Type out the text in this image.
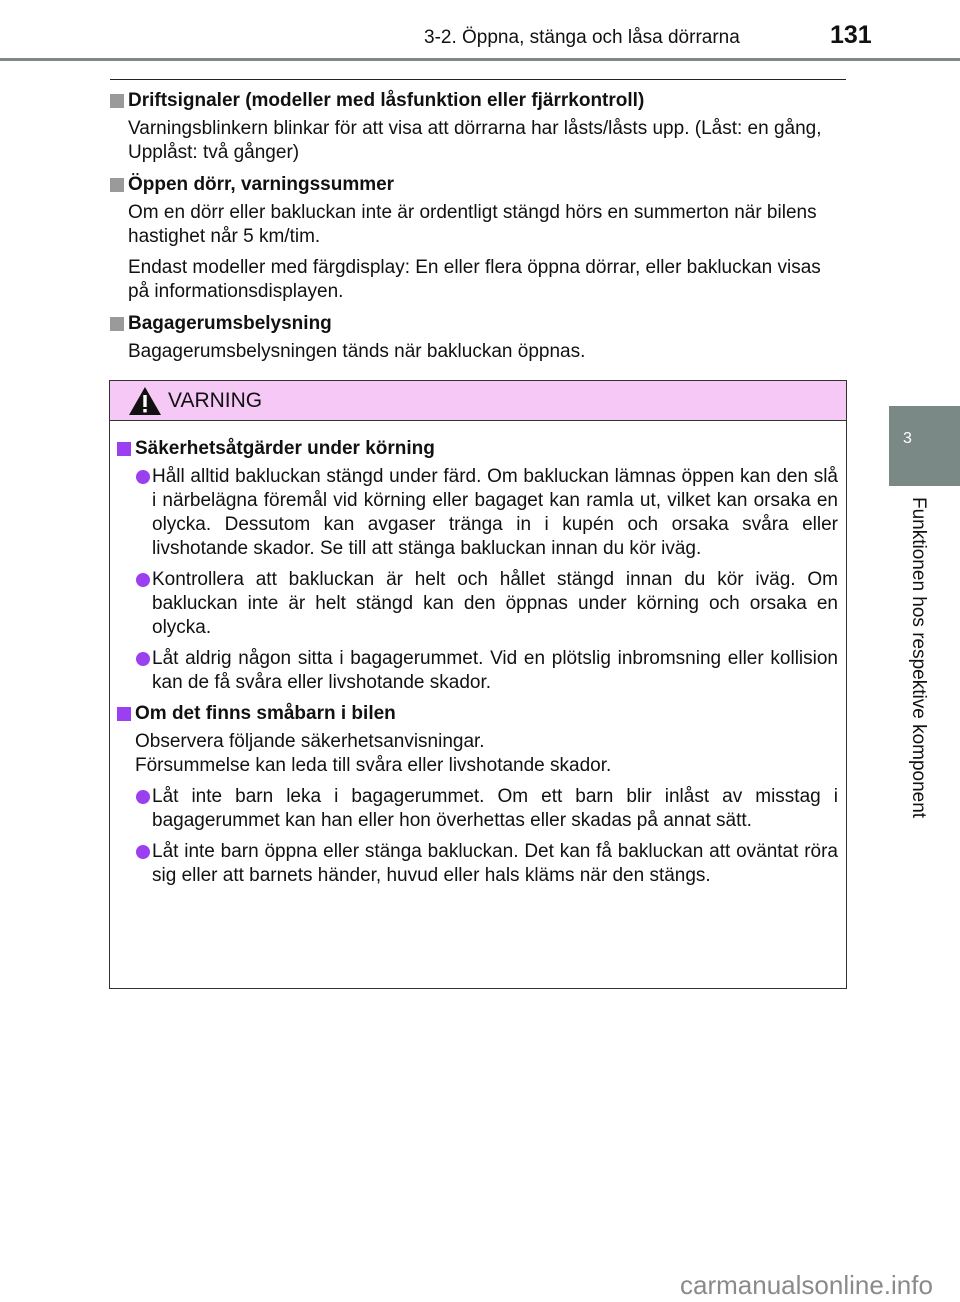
3-2. Öppna, stänga och låsa dörrarna	131
Driftsignaler (modeller med låsfunktion eller fjärrkontroll)
Varningsblinkern blinkar för att visa att dörrarna har låsts/låsts upp. (Låst: en gång, Upplåst: två gånger)
Öppen dörr, varningssummer
Om en dörr eller bakluckan inte är ordentligt stängd hörs en summerton när bilens hastighet når 5 km/tim.
Endast modeller med färgdisplay: En eller flera öppna dörrar, eller bakluckan visas på informationsdisplayen.
Bagagerumsbelysning
Bagagerumsbelysningen tänds när bakluckan öppnas.
VARNING
Säkerhetsåtgärder under körning
Håll alltid bakluckan stängd under färd. Om bakluckan lämnas öppen kan den slå i närbelägna föremål vid körning eller bagaget kan ramla ut, vilket kan orsaka en olycka. Dessutom kan avgaser tränga in i kupén och orsaka svåra eller livshotande skador. Se till att stänga bakluckan innan du kör iväg.
Kontrollera att bakluckan är helt och hållet stängd innan du kör iväg. Om bakluckan inte är helt stängd kan den öppnas under körning och orsaka en olycka.
Låt aldrig någon sitta i bagagerummet. Vid en plötslig inbromsning eller kollision kan de få svåra eller livshotande skador.
Om det finns småbarn i bilen
Observera följande säkerhetsanvisningar.
Försummelse kan leda till svåra eller livshotande skador.
Låt inte barn leka i bagagerummet. Om ett barn blir inlåst av misstag i bagagerummet kan han eller hon överhettas eller skadas på annat sätt.
Låt inte barn öppna eller stänga bakluckan. Det kan få bakluckan att oväntat röra sig eller att barnets händer, huvud eller hals kläms när den stängs.
3
Funktionen hos respektive komponent
carmanualsonline.info
